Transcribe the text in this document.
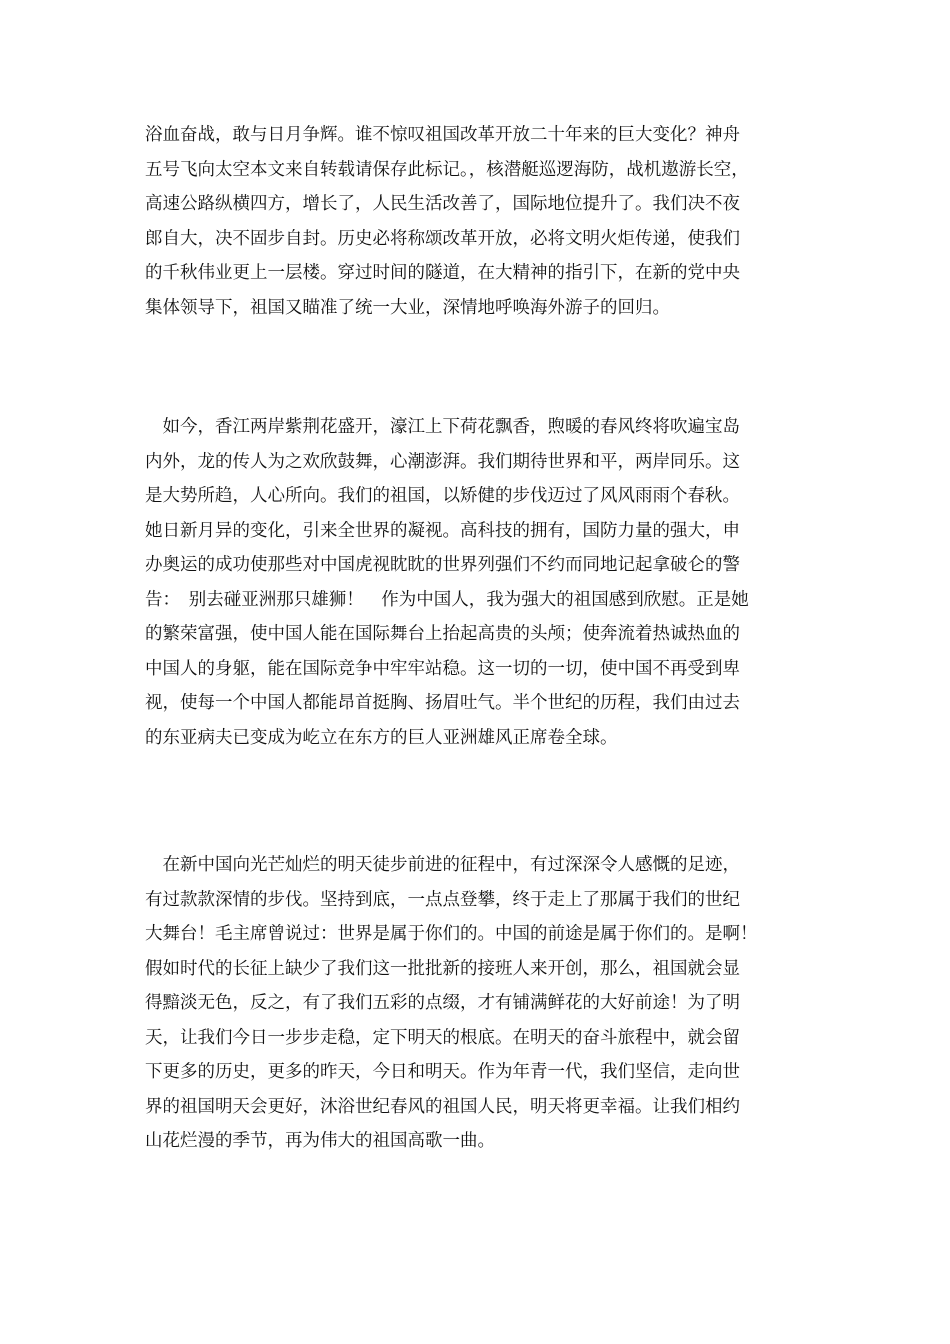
浴血奋战，敢与日月争辉。谁不惊叹祖国改革开放二十年来的巨大变化？神舟
五号飞向太空本文来自转载请保存此标记。，核潜艇巡逻海防，战机遨游长空，
高速公路纵横四方，增长了，人民生活改善了，国际地位提升了。我们决不夜
郎自大，决不固步自封。历史必将称颂改革开放，必将文明火炬传递，使我们
的千秋伟业更上一层楼。穿过时间的隧道，在大精神的指引下，在新的党中央
集体领导下，祖国又瞄准了统一大业，深情地呼唤海外游子的回归。
　如今，香江两岸紫荆花盛开，濠江上下荷花飘香，煦暖的春风终将吹遍宝岛
内外，龙的传人为之欢欣鼓舞，心潮澎湃。我们期待世界和平，两岸同乐。这
是大势所趋，人心所向。我们的祖国，以矫健的步伐迈过了风风雨雨个春秋。
她日新月异的变化，引来全世界的凝视。高科技的拥有，国防力量的强大，申
办奥运的成功使那些对中国虎视眈眈的世界列强们不约而同地记起拿破仑的警
告：　别去碰亚洲那只雄狮！　作为中国人，我为强大的祖国感到欣慰。正是她
的繁荣富强，使中国人能在国际舞台上抬起高贵的头颅；使奔流着热诚热血的
中国人的身躯，能在国际竞争中牢牢站稳。这一切的一切，使中国不再受到卑
视，使每一个中国人都能昂首挺胸、扬眉吐气。半个世纪的历程，我们由过去
的东亚病夫已变成为屹立在东方的巨人亚洲雄风正席卷全球。
　在新中国向光芒灿烂的明天徒步前进的征程中，有过深深令人感慨的足迹，
有过款款深情的步伐。坚持到底，一点点登攀，终于走上了那属于我们的世纪
大舞台！毛主席曾说过：世界是属于你们的。中国的前途是属于你们的。是啊！
假如时代的长征上缺少了我们这一批批新的接班人来开创，那么，祖国就会显
得黯淡无色，反之，有了我们五彩的点缀，才有铺满鲜花的大好前途！为了明
天，让我们今日一步步走稳，定下明天的根底。在明天的奋斗旅程中，就会留
下更多的历史，更多的昨天，今日和明天。作为年青一代，我们坚信，走向世
界的祖国明天会更好，沐浴世纪春风的祖国人民，明天将更幸福。让我们相约
山花烂漫的季节，再为伟大的祖国高歌一曲。
